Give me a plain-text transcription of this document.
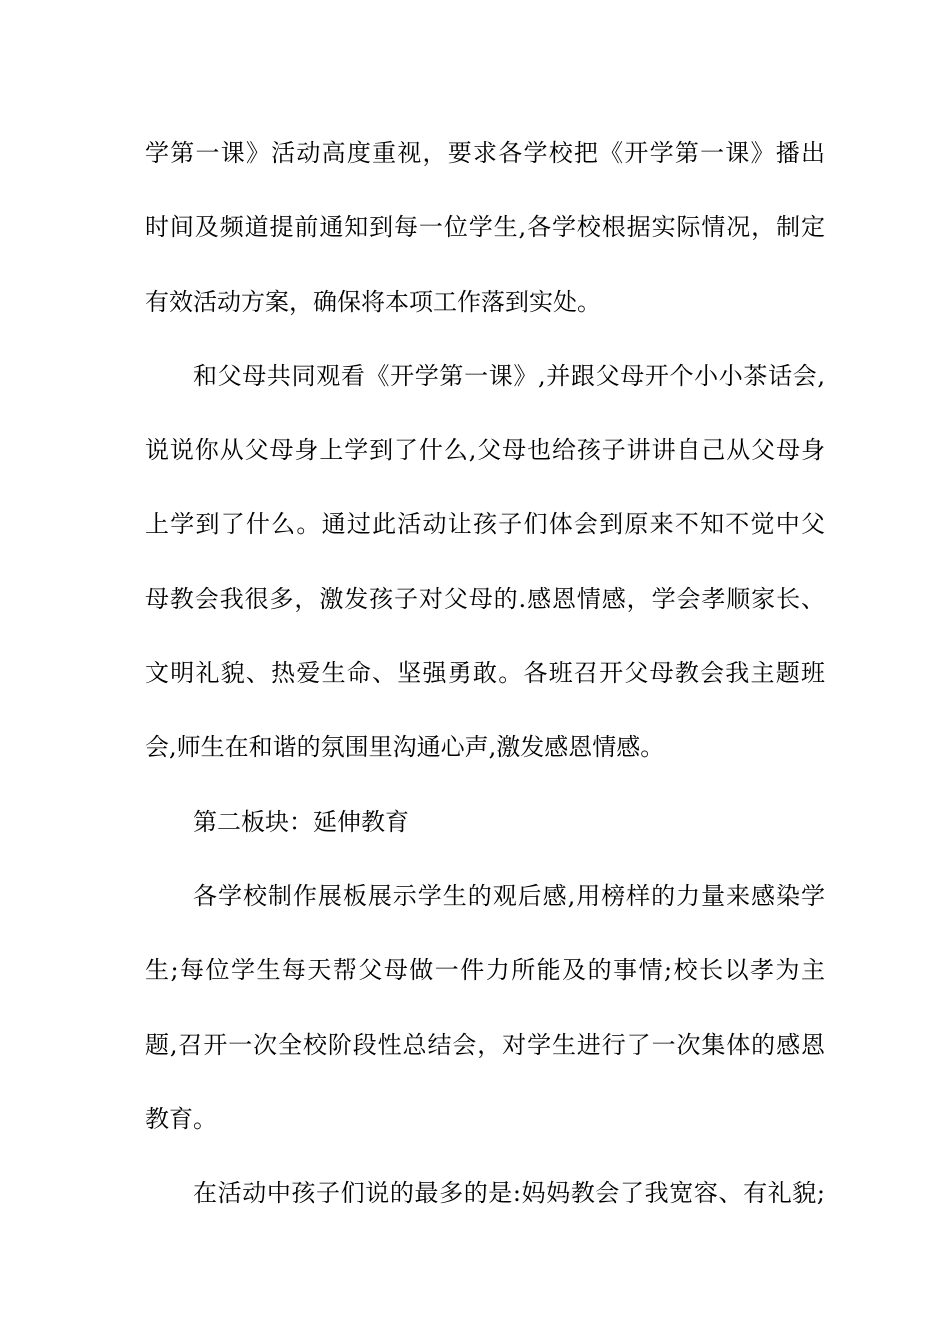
学第一课》活动高度重视，要求各学校把《开学第一课》播出
时间及频道提前通知到每一位学生,各学校根据实际情况，制定
有效活动方案，确保将本项工作落到实处。
和父母共同观看《开学第一课》,并跟父母开个小小茶话会,
说说你从父母身上学到了什么,父母也给孩子讲讲自己从父母身
上学到了什么。通过此活动让孩子们体会到原来不知不觉中父
母教会我很多，激发孩子对父母的.感恩情感，学会孝顺家长、
文明礼貌、热爱生命、坚强勇敢。各班召开父母教会我主题班
会,师生在和谐的氛围里沟通心声,激发感恩情感。
第二板块：延伸教育
各学校制作展板展示学生的观后感,用榜样的力量来感染学
生;每位学生每天帮父母做一件力所能及的事情;校长以孝为主
题,召开一次全校阶段性总结会，对学生进行了一次集体的感恩
教育。
在活动中孩子们说的最多的是:妈妈教会了我宽容、有礼貌;
